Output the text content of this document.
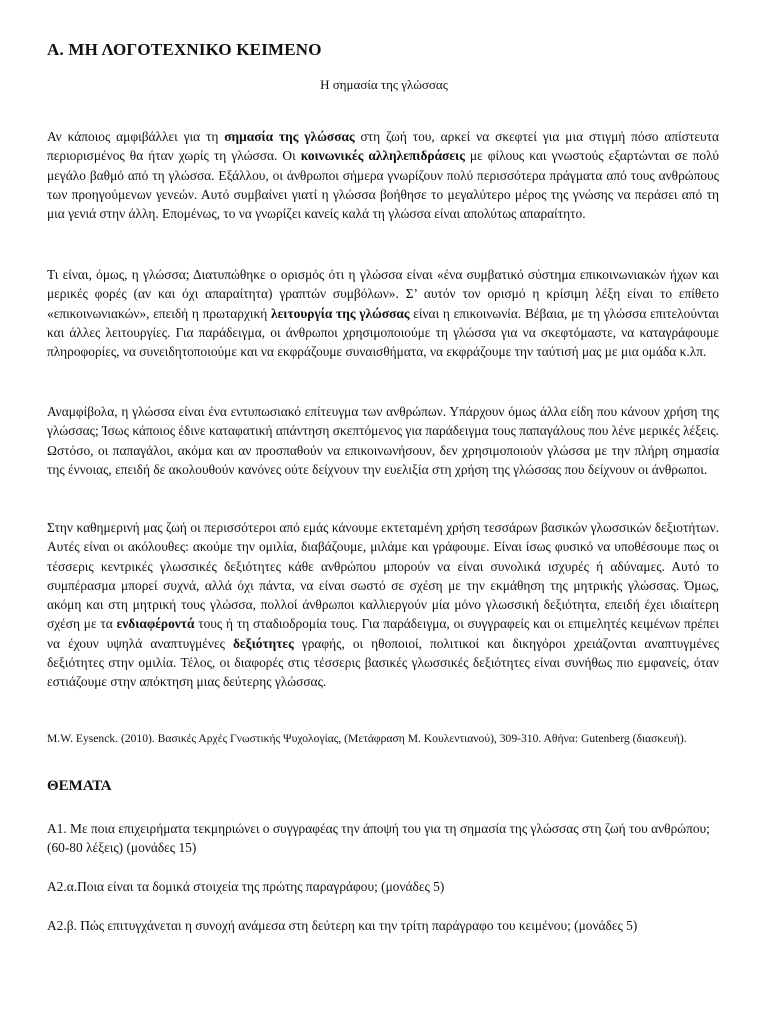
Α. ΜΗ ΛΟΓΟΤΕΧΝΙΚΟ ΚΕΙΜΕΝΟ
Η σημασία της γλώσσας

Αν κάποιος αμφιβάλλει για τη σημασία της γλώσσας στη ζωή του, αρκεί να σκεφτεί για μια στιγμή πόσο απίστευτα περιορισμένος θα ήταν χωρίς τη γλώσσα. Οι κοινωνικές αλληλεπιδράσεις με φίλους και γνωστούς εξαρτώνται σε πολύ μεγάλο βαθμό από τη γλώσσα. Εξάλλου, οι άνθρωποι σήμερα γνωρίζουν πολύ περισσότερα πράγματα από τους ανθρώπους των προηγούμενων γενεών. Αυτό συμβαίνει γιατί η γλώσσα βοήθησε το μεγαλύτερο μέρος της γνώσης να περάσει από τη μια γενιά στην άλλη. Επομένως, το να γνωρίζει κανείς καλά τη γλώσσα είναι απολύτως απαραίτητο.

Τι είναι, όμως, η γλώσσα; Διατυπώθηκε ο ορισμός ότι η γλώσσα είναι «ένα συμβατικό σύστημα επικοινωνιακών ήχων και μερικές φορές (αν και όχι απαραίτητα) γραπτών συμβόλων». Σ’ αυτόν τον ορισμό η κρίσιμη λέξη είναι το επίθετο «επικοινωνιακών», επειδή η πρωταρχική λειτουργία της γλώσσας είναι η επικοινωνία. Βέβαια, με τη γλώσσα επιτελούνται και άλλες λειτουργίες. Για παράδειγμα, οι άνθρωποι χρησιμοποιούμε τη γλώσσα για να σκεφτόμαστε, να καταγράφουμε πληροφορίες, να συνειδητοποιούμε και να εκφράζουμε συναισθήματα, να εκφράζουμε την ταύτισή μας με μια ομάδα κ.λπ.

Αναμφίβολα, η γλώσσα είναι ένα εντυπωσιακό επίτευγμα των ανθρώπων. Υπάρχουν όμως άλλα είδη που κάνουν χρήση της γλώσσας; Ίσως κάποιος έδινε καταφατική απάντηση σκεπτόμενος για παράδειγμα τους παπαγάλους που λένε μερικές λέξεις. Ωστόσο, οι παπαγάλοι, ακόμα και αν προσπαθούν να επικοινωνήσουν, δεν χρησιμοποιούν γλώσσα με την πλήρη σημασία της έννοιας, επειδή δε ακολουθούν κανόνες ούτε δείχνουν την ευελιξία στη χρήση της γλώσσας που δείχνουν οι άνθρωποι.

Στην καθημερινή μας ζωή οι περισσότεροι από εμάς κάνουμε εκτεταμένη χρήση τεσσάρων βασικών γλωσσικών δεξιοτήτων. Αυτές είναι οι ακόλουθες: ακούμε την ομιλία, διαβάζουμε, μιλάμε και γράφουμε. Είναι ίσως φυσικό να υποθέσουμε πως οι τέσσερις κεντρικές γλωσσικές δεξιότητες κάθε ανθρώπου μπορούν να είναι συνολικά ισχυρές ή αδύναμες. Αυτό το συμπέρασμα μπορεί συχνά, αλλά όχι πάντα, να είναι σωστό σε σχέση με την εκμάθηση της μητρικής γλώσσας. Όμως, ακόμη και στη μητρική τους γλώσσα, πολλοί άνθρωποι καλλιεργούν μία μόνο γλωσσική δεξιότητα, επειδή έχει ιδιαίτερη σχέση με τα ενδιαφέροντά τους ή τη σταδιοδρομία τους. Για παράδειγμα, οι συγγραφείς και οι επιμελητές κειμένων πρέπει να έχουν υψηλά αναπτυγμένες δεξιότητες γραφής, οι ηθοποιοί, πολιτικοί και δικηγόροι χρειάζονται αναπτυγμένες δεξιότητες στην ομιλία. Τέλος, οι διαφορές στις τέσσερις βασικές γλωσσικές δεξιότητες είναι συνήθως πιο εμφανείς, όταν εστιάζουμε στην απόκτηση μιας δεύτερης γλώσσας.

M.W. Eysenck. (2010). Βασικές Αρχές Γνωστικής Ψυχολογίας, (Μετάφραση Μ. Κουλεντιανού), 309-310. Αθήνα: Gutenberg (διασκευή).
ΘΕΜΑΤΑ

Α1. Με ποια επιχειρήματα τεκμηριώνει ο συγγραφέας την άποψή του για τη σημασία της γλώσσας στη ζωή του ανθρώπου; (60-80 λέξεις) (μονάδες 15)

Α2.α.Ποια είναι τα δομικά στοιχεία της πρώτης παραγράφου; (μονάδες 5)

Α2.β. Πώς επιτυγχάνεται η συνοχή ανάμεσα στη δεύτερη και την τρίτη παράγραφο του κειμένου; (μονάδες 5)
